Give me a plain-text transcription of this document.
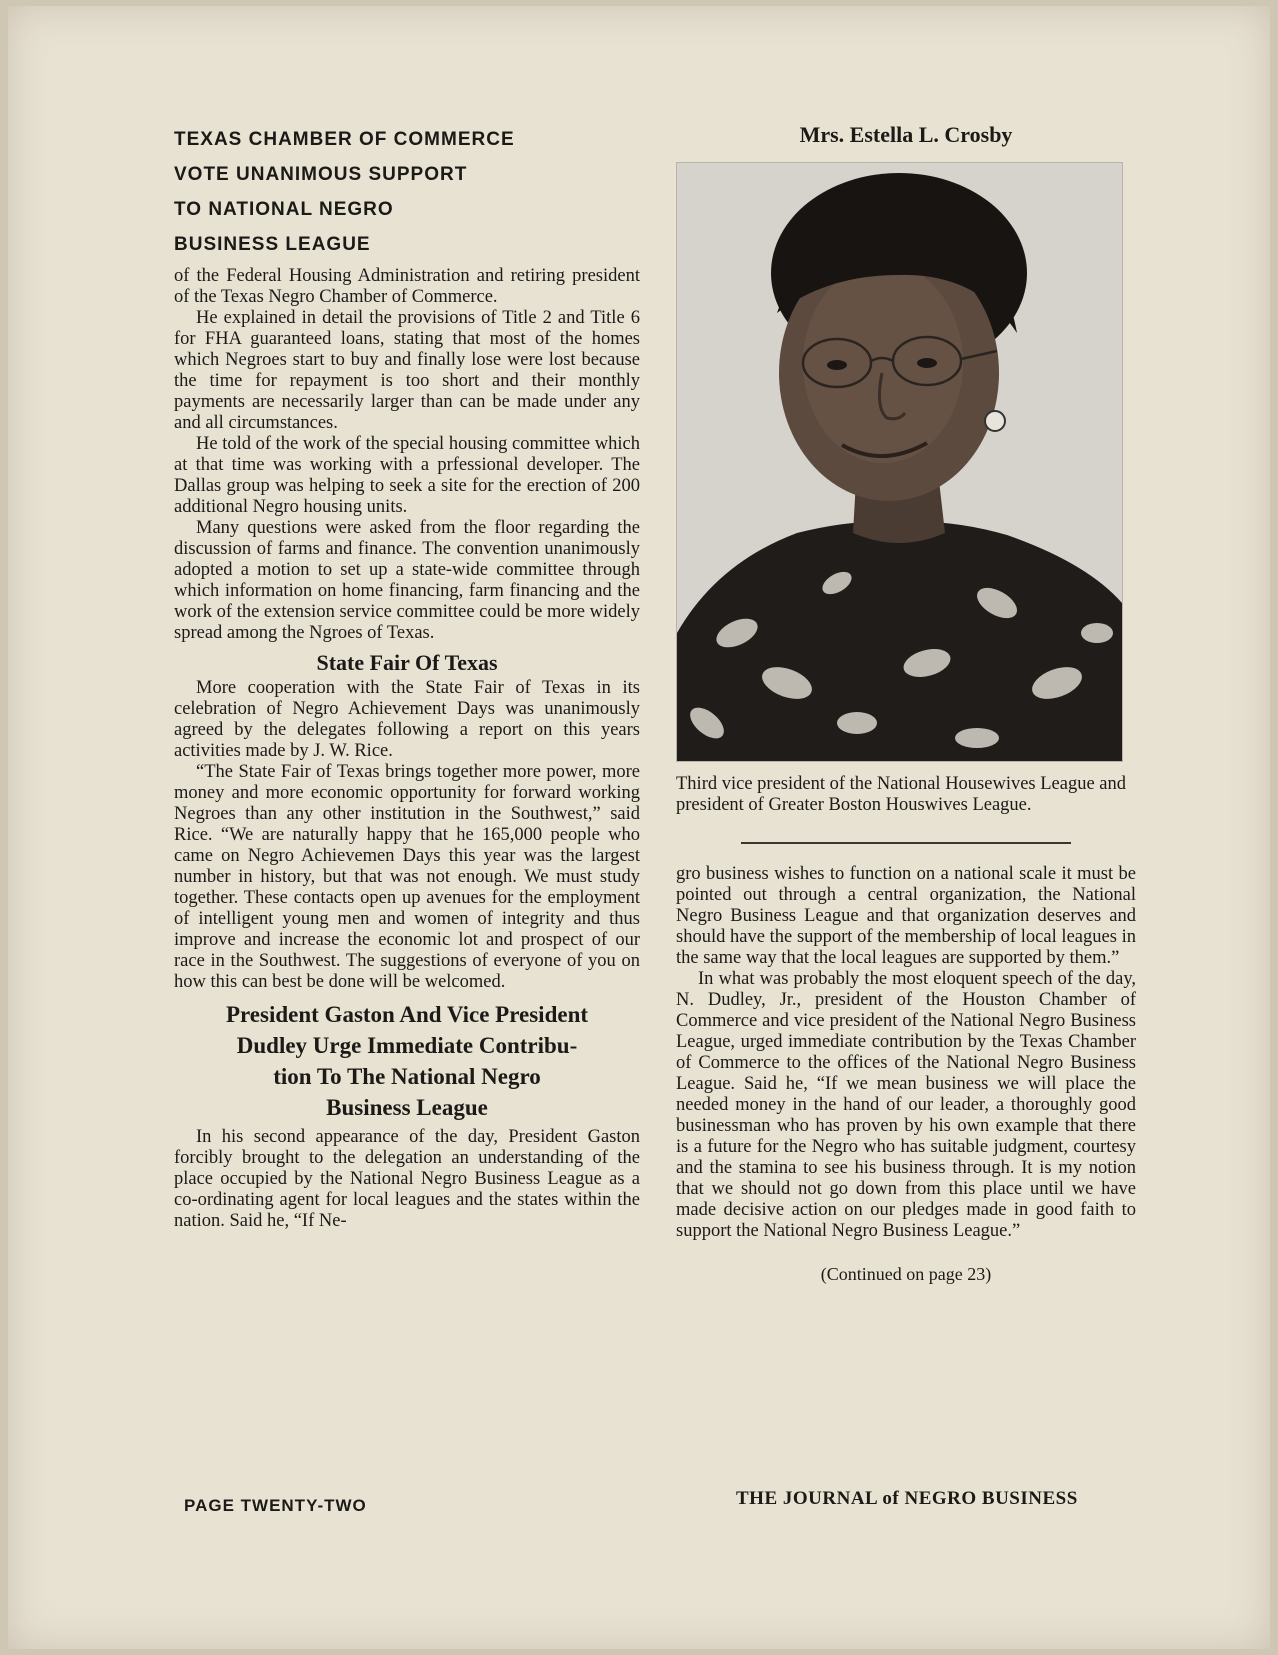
TEXAS CHAMBER OF COMMERCE
VOTE UNANIMOUS SUPPORT
TO NATIONAL NEGRO
BUSINESS LEAGUE

of the Federal Housing Administration and retiring president of the Texas Negro Chamber of Commerce.

He explained in detail the provisions of Title 2 and Title 6 for FHA guaranteed loans, stating that most of the homes which Negroes start to buy and finally lose were lost because the time for repayment is too short and their monthly payments are necessarily larger than can be made under any and all circumstances.

He told of the work of the special housing committee which at that time was working with a prfessional developer. The Dallas group was helping to seek a site for the erection of 200 additional Negro housing units.

Many questions were asked from the floor regarding the discussion of farms and finance. The convention unanimously adopted a motion to set up a state-wide committee through which information on home financing, farm financing and the work of the extension service committee could be more widely spread among the Ngroes of Texas.

State Fair Of Texas

More cooperation with the State Fair of Texas in its celebration of Negro Achievement Days was unanimously agreed by the delegates following a report on this years activities made by J. W. Rice.

“The State Fair of Texas brings together more power, more money and more economic opportunity for forward working Negroes than any other institution in the Southwest,” said Rice. “We are naturally happy that he 165,000 people who came on Negro Achievemen Days this year was the largest number in history, but that was not enough. We must study together. These contacts open up avenues for the employment of intelligent young men and women of integrity and thus improve and increase the economic lot and prospect of our race in the Southwest. The suggestions of everyone of you on how this can best be done will be welcomed.

President Gaston And Vice President
Dudley Urge Immediate Contribu-
tion To The National Negro
Business League

In his second appearance of the day, President Gaston forcibly brought to the delegation an understanding of the place occupied by the National Negro Business League as a co-ordinating agent for local leagues and the states within the nation. Said he, “If Ne-

PAGE TWENTY-TWO
Mrs. Estella L. Crosby
Third vice president of the National Housewives League and president of Greater Boston Houswives League.

gro business wishes to function on a national scale it must be pointed out through a central organization, the National Negro Business League and that organization deserves and should have the support of the membership of local leagues in the same way that the local leagues are supported by them.”

In what was probably the most eloquent speech of the day, N. Dudley, Jr., president of the Houston Chamber of Commerce and vice president of the National Negro Business League, urged immediate contribution by the Texas Chamber of Commerce to the offices of the National Negro Business League. Said he, “If we mean business we will place the needed money in the hand of our leader, a thoroughly good businessman who has proven by his own example that there is a future for the Negro who has suitable judgment, courtesy and the stamina to see his business through. It is my notion that we should not go down from this place until we have made decisive action on our pledges made in good faith to support the National Negro Business League.”

(Continued on page 23)
THE JOURNAL of NEGRO BUSINESS
